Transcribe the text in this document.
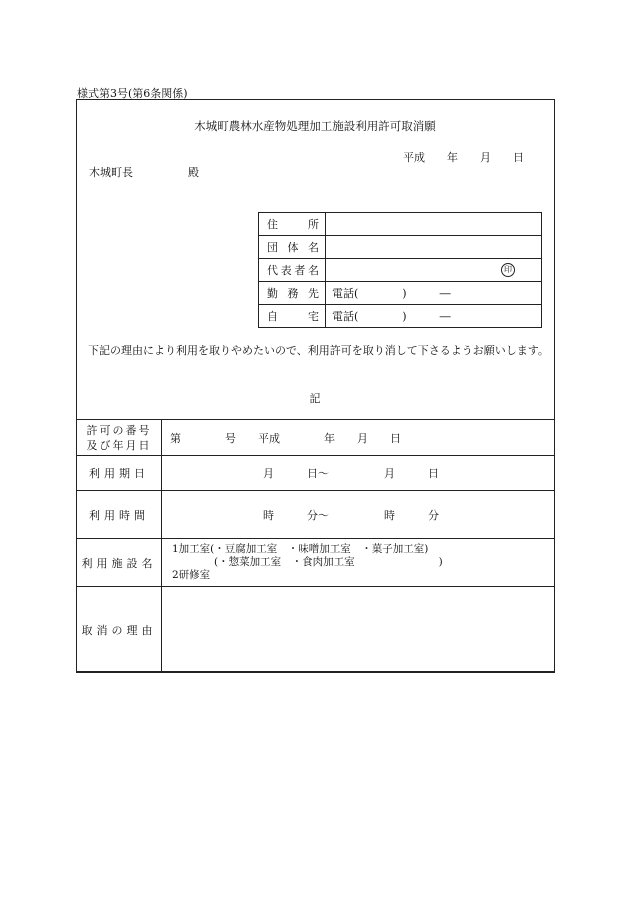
様式第3号(第6条関係)
木城町農林水産物処理加工施設利用許可取消願
平成　　年　　月　　日
木城町長　　　　　殿
住　所	
団体名	
代表者名	印

勤務先	電話(　　　　)　　　―
自　宅	電話(　　　　)　　　―
　下記の理由により利用を取りやめたいので、利用許可を取り消して下さるようお願いします。
記
許可の番号
及び年月日	第　　　　号　　平成　　　　年　　月　　日
利用期日	月　　　日〜　　　　　月　　　日
利用時間	時　　　分〜　　　　　時　　　分
利用施設名	1加工室(・豆腐加工室　・味噌加工室　・菓子加工室)
　　　　(・惣菜加工室　・食肉加工室　　　　　　　　)
2研修室

取消の理由	
